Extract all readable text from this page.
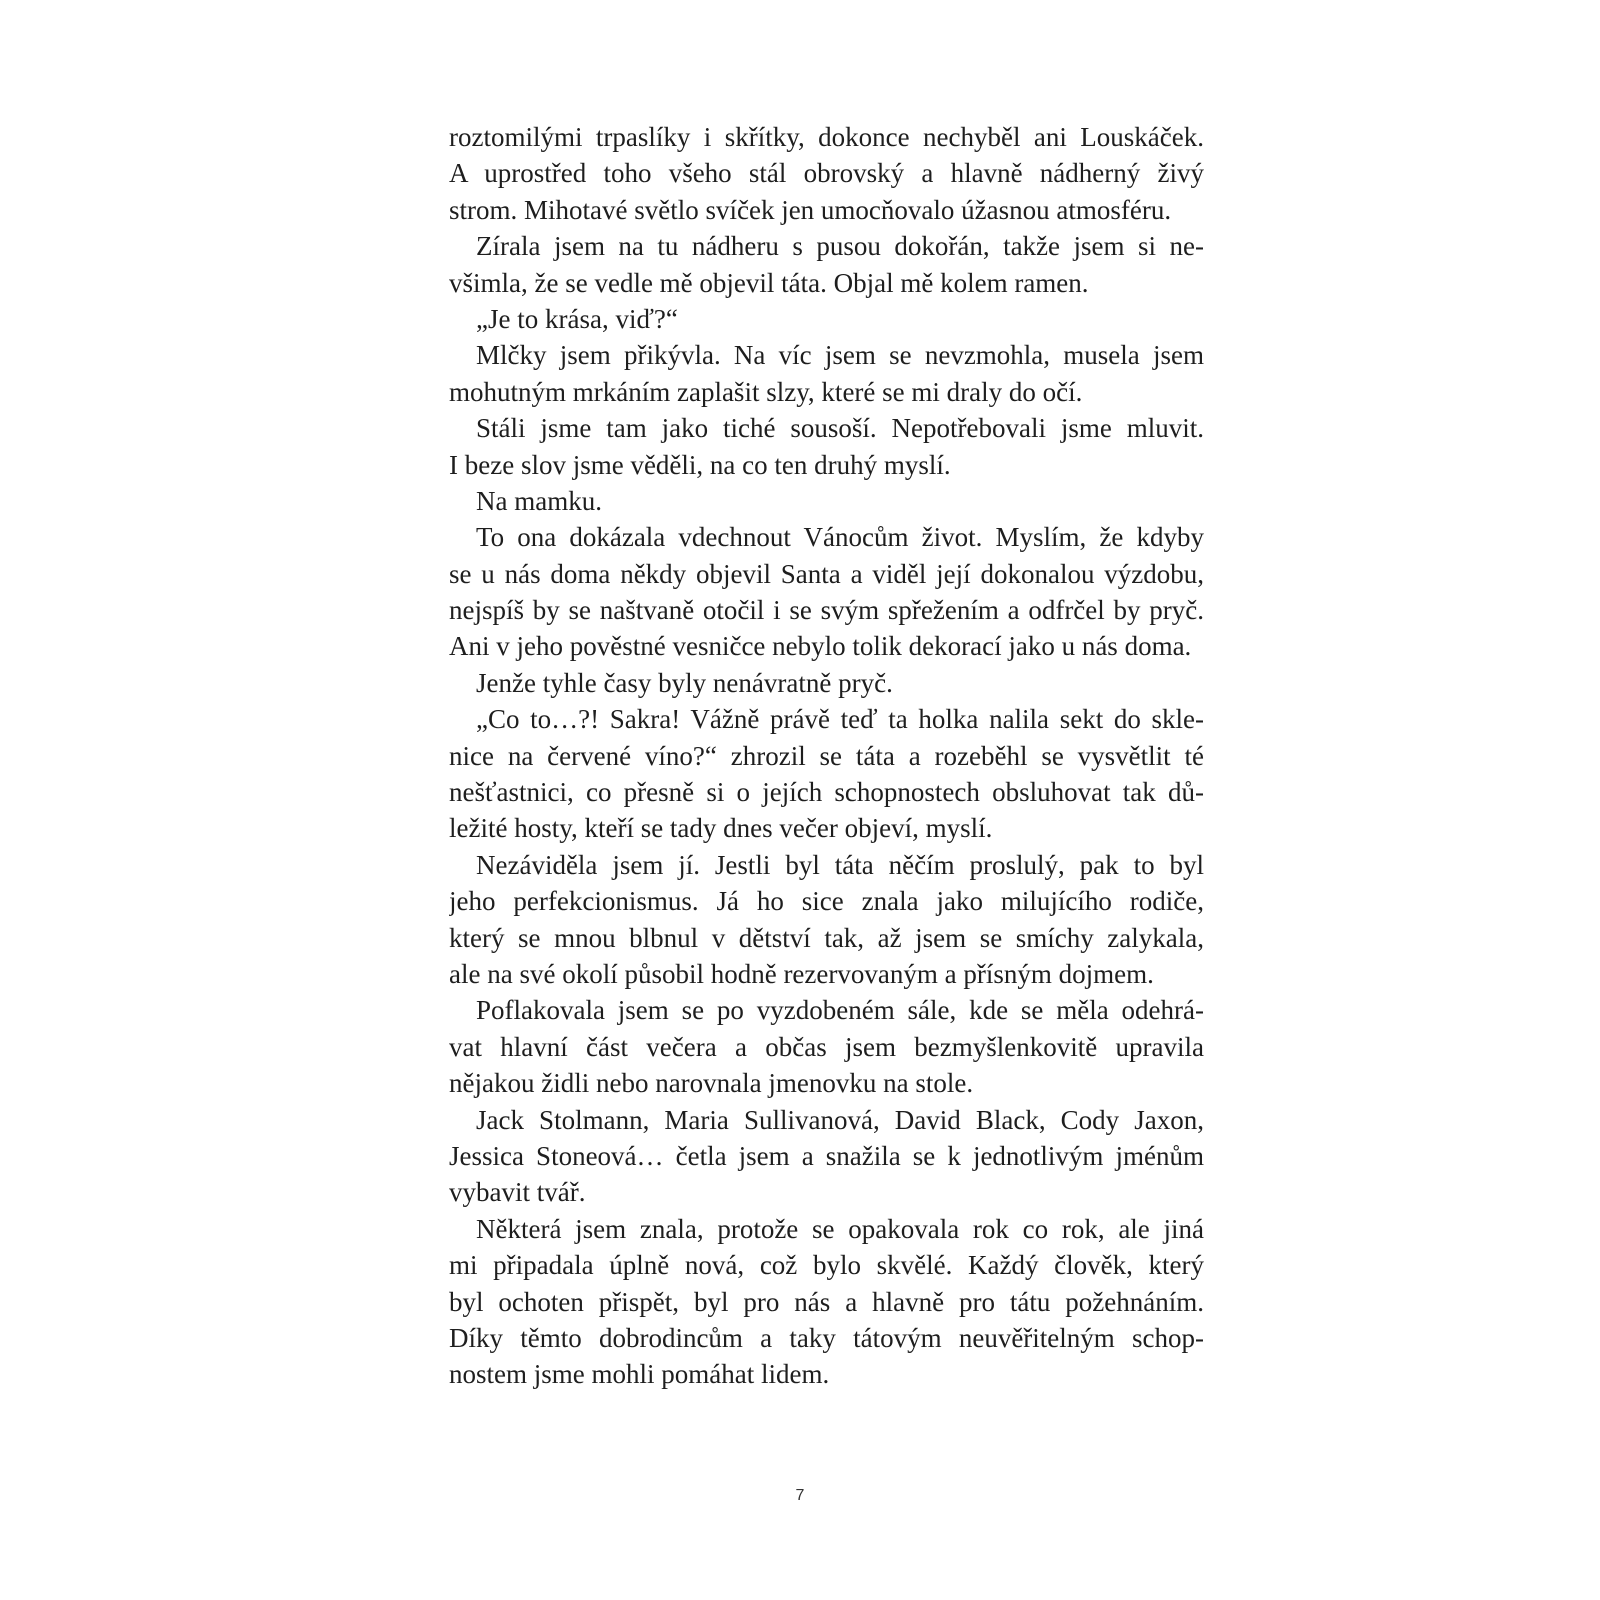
roztomilými trpaslíky i skřítky, dokonce nechyběl ani Louskáček.
A uprostřed toho všeho stál obrovský a hlavně nádherný živý
strom. Mihotavé světlo svíček jen umocňovalo úžasnou atmosféru.
Zírala jsem na tu nádheru s pusou dokořán, takže jsem si ne-
všimla, že se vedle mě objevil táta. Objal mě kolem ramen.
„Je to krása, viď?“
Mlčky jsem přikývla. Na víc jsem se nevzmohla, musela jsem
mohutným mrkáním zaplašit slzy, které se mi draly do očí.
Stáli jsme tam jako tiché sousoší. Nepotřebovali jsme mluvit.
I beze slov jsme věděli, na co ten druhý myslí.
Na mamku.
To ona dokázala vdechnout Vánocům život. Myslím, že kdyby
se u nás doma někdy objevil Santa a viděl její dokonalou výzdobu,
nejspíš by se naštvaně otočil i se svým spřežením a odfrčel by pryč.
Ani v jeho pověstné vesničce nebylo tolik dekorací jako u nás doma.
Jenže tyhle časy byly nenávratně pryč.
„Co to…?! Sakra! Vážně právě teď ta holka nalila sekt do skle-
nice na červené víno?“ zhrozil se táta a rozeběhl se vysvětlit té
nešťastnici, co přesně si o jejích schopnostech obsluhovat tak dů-
ležité hosty, kteří se tady dnes večer objeví, myslí.
Nezáviděla jsem jí. Jestli byl táta něčím proslulý, pak to byl
jeho perfekcionismus. Já ho sice znala jako milujícího rodiče,
který se mnou blbnul v dětství tak, až jsem se smíchy zalykala,
ale na své okolí působil hodně rezervovaným a přísným dojmem.
Poflakovala jsem se po vyzdobeném sále, kde se měla odehrá-
vat hlavní část večera a občas jsem bezmyšlenkovitě upravila
nějakou židli nebo narovnala jmenovku na stole.
Jack Stolmann, Maria Sullivanová, David Black, Cody Jaxon,
Jessica Stoneová… četla jsem a snažila se k jednotlivým jménům
vybavit tvář.
Některá jsem znala, protože se opakovala rok co rok, ale jiná
mi připadala úplně nová, což bylo skvělé. Každý člověk, který
byl ochoten přispět, byl pro nás a hlavně pro tátu požehnáním.
Díky těmto dobrodincům a taky tátovým neuvěřitelným schop-
nostem jsme mohli pomáhat lidem.
7
